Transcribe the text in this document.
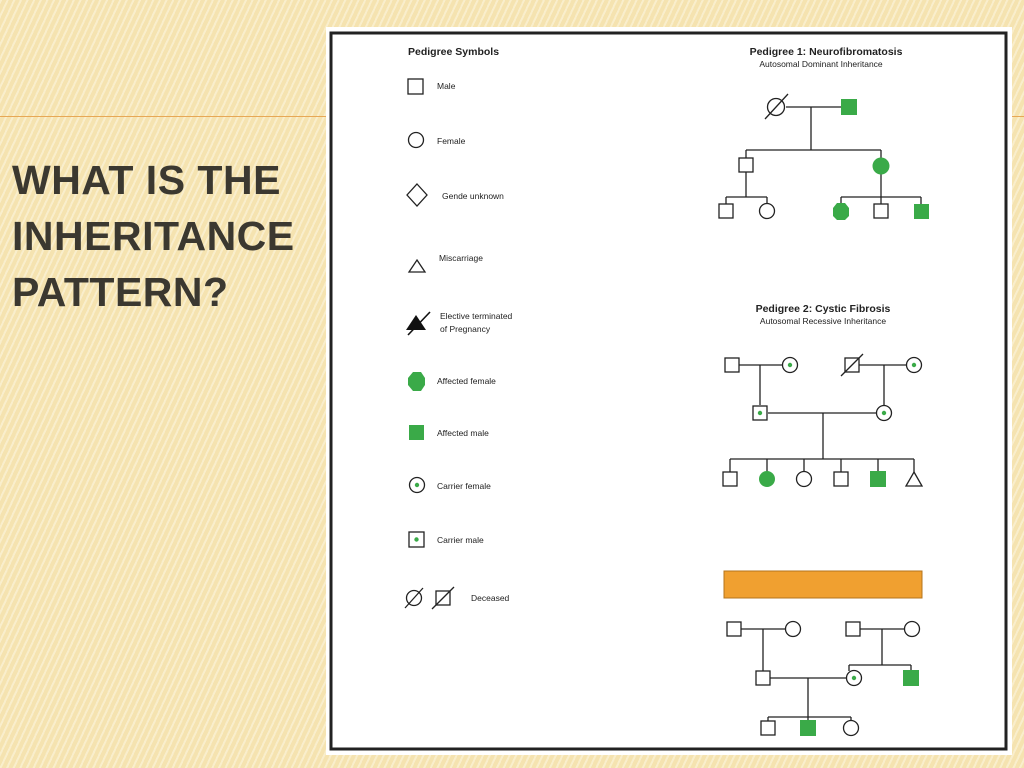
WHAT IS THE INHERITANCE PATTERN?
Pedigree Symbols
Male
Female
Gende unknown
Miscarriage
Elective terminated
of Pregnancy
Affected female
Affected male
Carrier female
Carrier male
Deceased
Pedigree 1: Neurofibromatosis
Autosomal Dominant Inheritance
Pedigree 2: Cystic Fibrosis
Autosomal Recessive Inheritance
